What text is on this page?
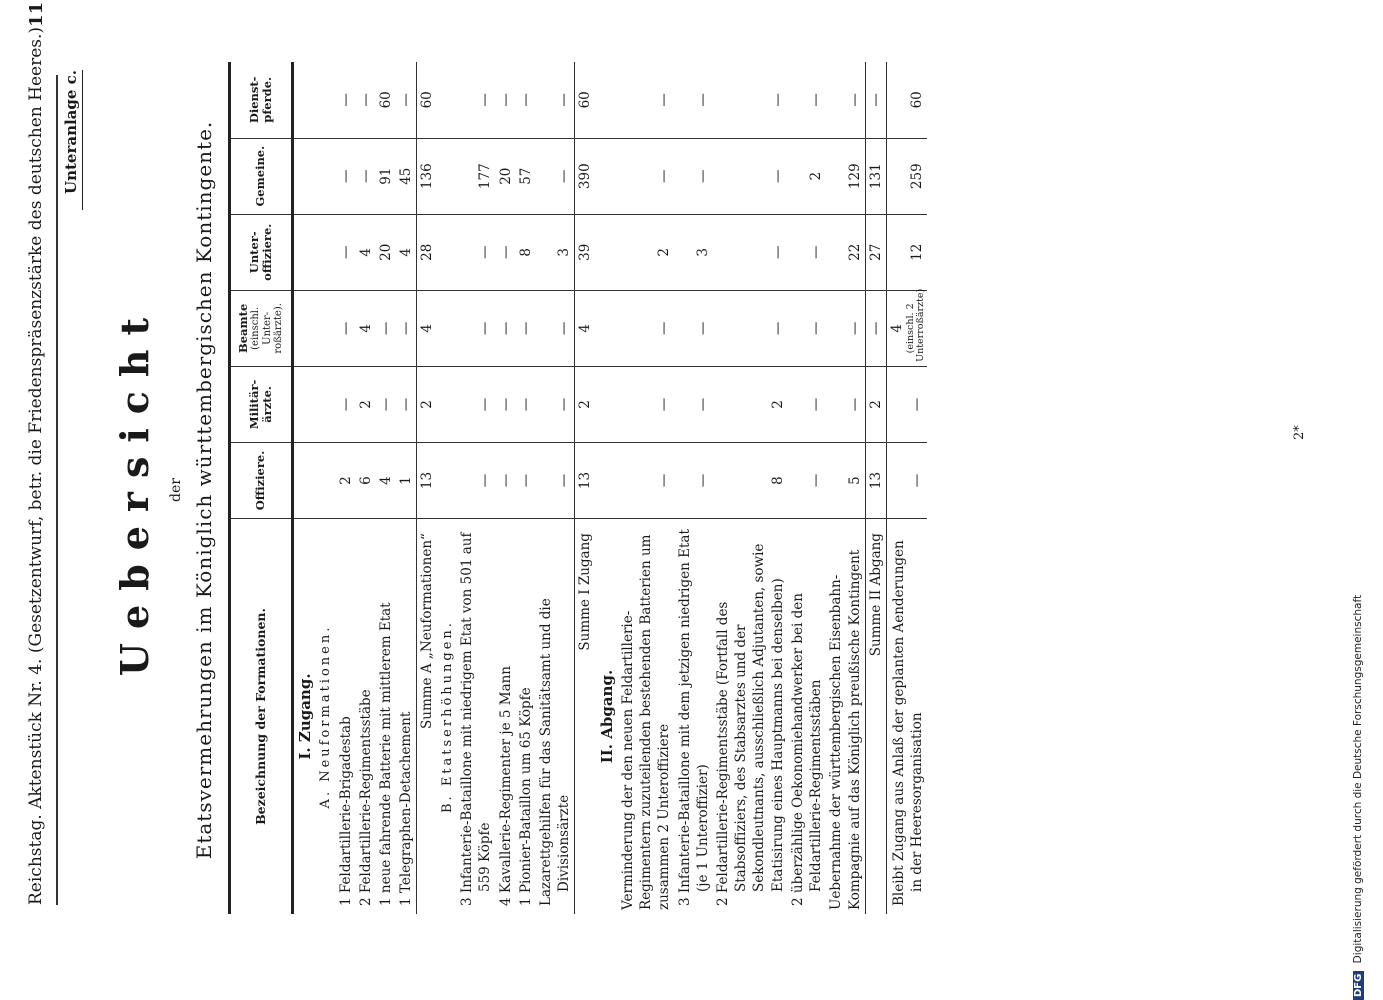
Reichstag. Aktenstück Nr. 4. (Gesetzentwurf, betr. die Friedenspräsenzstärke des deutschen Heeres.)
11
Unteranlage c.
Uebersicht der Etatsvermehrungen im Königlich württembergischen Kontingente.	Bezeichnung der Formationen.	Offiziere.	Militär-ärzte.	Beamte (einschl. Unter-roßärzte).	Unter-offiziere.	Gemeine.	Dienst-pferde.
I. Zugang.						
A. Neuformationen.						
1 Feldartillerie-Brigadestab	2	—	—	—	—	—
2 Feldartillerie-Regimentsstäbe	6	2	4	4	—	—
1 neue fahrende Batterie mit mittlerem Etat	4	—	—	20	91	60
1 Telegraphen-Detachement	1	—	—	4	45	—
Summe A „Neuformationen“	13	2	4	28	136	60
B. Etatserhöhungen.						
3 Infanterie-Bataillone mit niedrigem Etat von 501 auf 559 Köpfe	—	—	—	—	177	—
4 Kavallerie-Regimenter je 5 Mann	—	—	—	—	20	—
1 Pionier-Bataillon um 65 Köpfe	—	—	—	8	57	—
Lazarettgehilfen für das Sanitätsamt und die Divisionsärzte	—	—	—	3	—	—
Summe I Zugang	13	2	4	39	390	60
II. Abgang.						
Verminderung der den neuen Feldartillerie-Regimentern zuzuteilenden bestehenden Batterien um zusammen 2 Unteroffiziere	—	—	—	2	—	—
3 Infanterie-Bataillone mit dem jetzigen niedrigen Etat (je 1 Unteroffizier)	—	—	—	3	—	—
2 Feldartillerie-Regimentsstäbe (Fortfall des Stabsoffiziers, des Stabsarztes und der Sekondleutnants, ausschließlich Adjutanten, sowie Etatisirung eines Hauptmanns bei denselben)	8	2	—	—	—	—
2 überzählige Oekonomiehandwerker bei den Feldartillerie-Regimentsstäben	—	—	—	—	2	—
Uebernahme der württembergischen Eisenbahn-Kompagnie auf das Königlich preußische Kontingent	5	—	—	22	129	—
Summe II Abgang	13	2	—	27	131	—
Bleibt Zugang aus Anlaß der geplanten Aenderungen in der Heeresorganisation	—	—	4 (einschl. 2 Unterroßärzte)	12	259	60
2*
DFG Digitalisierung gefördert durch die Deutsche Forschungsgemeinschaft
